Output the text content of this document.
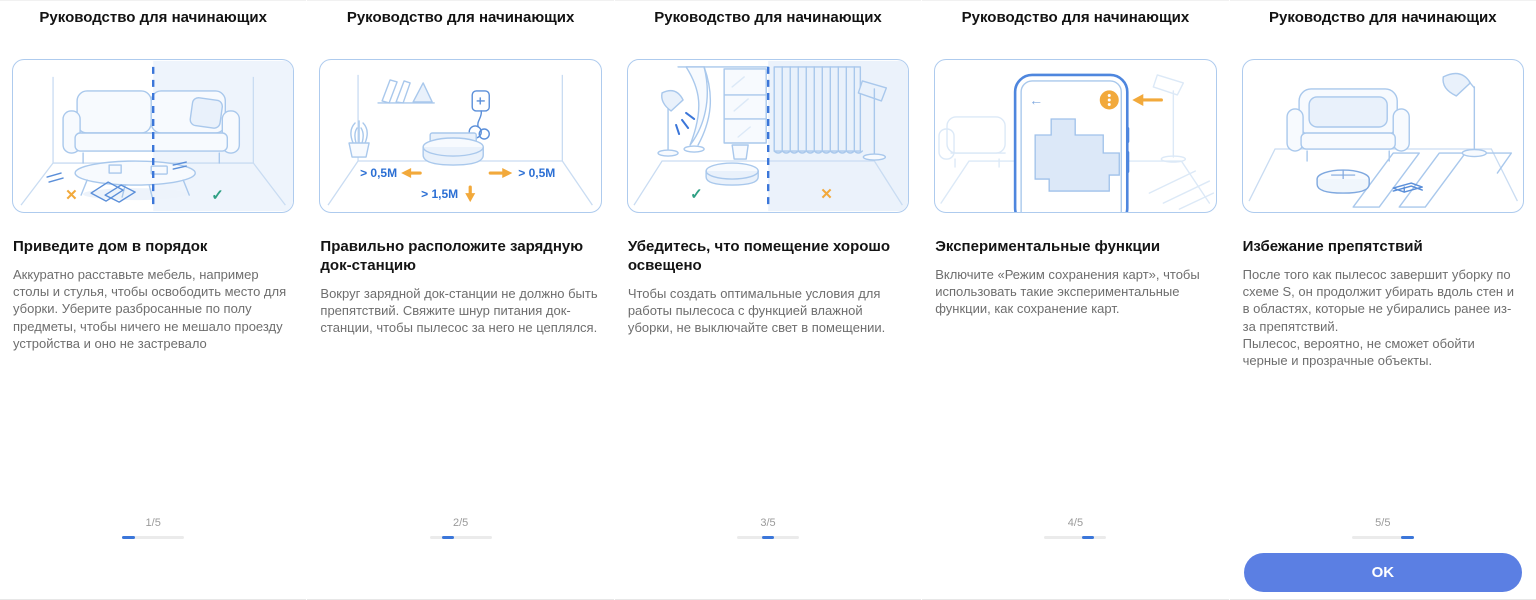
Руководство для начинающих
✕	✓
Приведите дом в порядок
Аккуратно расставьте мебель, например столы и стулья, чтобы освободить место для уборки. Уберите разбросанные по полу предметы, чтобы ничего не мешало проезду устройства и оно не застревало
1/5
Руководство для начинающих
> 0,5M	> 0,5M
> 1,5M
Правильно расположите зарядную док-станцию
Вокруг зарядной док-станции не должно быть препятствий. Свяжите шнур питания док-станции, чтобы пылесос за него не цеплялся.
2/5
Руководство для начинающих
✓	✕
Убедитесь, что помещение хорошо освещено
Чтобы создать оптимальные условия для работы пылесоса с функцией влажной уборки, не выключайте свет в помещении.
3/5
Руководство для начинающих
←
Экспериментальные функции
Включите «Режим сохранения карт», чтобы использовать такие экспериментальные функции, как сохранение карт.
4/5
Руководство для начинающих
Избежание препятствий
После того как пылесос завершит уборку по схеме S, он продолжит убирать вдоль стен и в областях, которые не убирались ранее из-за препятствий.
Пылесос, вероятно, не сможет обойти черные и прозрачные объекты.
5/5
OK
